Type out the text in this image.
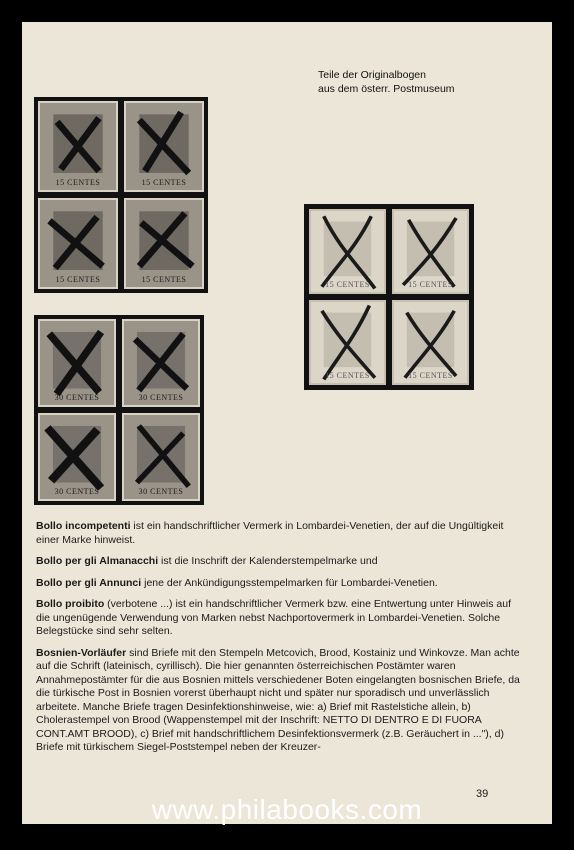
Teile der Originalbogen
aus dem österr. Postmuseum
15 CENTES	15 CENTES
15 CENTES	15 CENTES
15 CENTES	15 CENTES
15 CENTES	15 CENTES
30 CENTES	30 CENTES
30 CENTES	30 CENTES

Bollo incompetenti ist ein handschriftlicher Vermerk in Lombardei-Venetien, der auf die Ungültigkeit einer Marke hinweist.

Bollo per gli Almanacchi ist die Inschrift der Kalenderstempelmarke und

Bollo per gli Annunci jene der Ankündigungsstempelmarken für Lombardei-Venetien.

Bollo proibito (verbotene ...) ist ein handschriftlicher Vermerk bzw. eine Entwertung unter Hinweis auf die ungenügende Verwendung von Marken nebst Nachportovermerk in Lombardei-Venetien. Solche Belegstücke sind sehr selten.

Bosnien-Vorläufer sind Briefe mit den Stempeln Metcovich, Brood, Kostainiz und Winkovze. Man achte auf die Schrift (lateinisch, cyrillisch). Die hier genannten österreichischen Postämter waren Annahmepostämter für die aus Bosnien mittels verschiedener Boten eingelangten bosnischen Briefe, da die türkische Post in Bosnien vorerst überhaupt nicht und später nur sporadisch und unverlässlich arbeitete. Manche Briefe tragen Desinfektionshinweise, wie: a) Brief mit Rastelstiche allein, b) Cholerastempel von Brood (Wappenstempel mit der Inschrift: NETTO DI DENTRO E DI FUORA CONT.AMT BROOD), c) Brief mit handschriftlichem Desinfektionsvermerk (z.B. Geräuchert in ..."), d) Briefe mit türkischem Siegel-Poststempel neben der Kreuzer-

39
www.philabooks.com
